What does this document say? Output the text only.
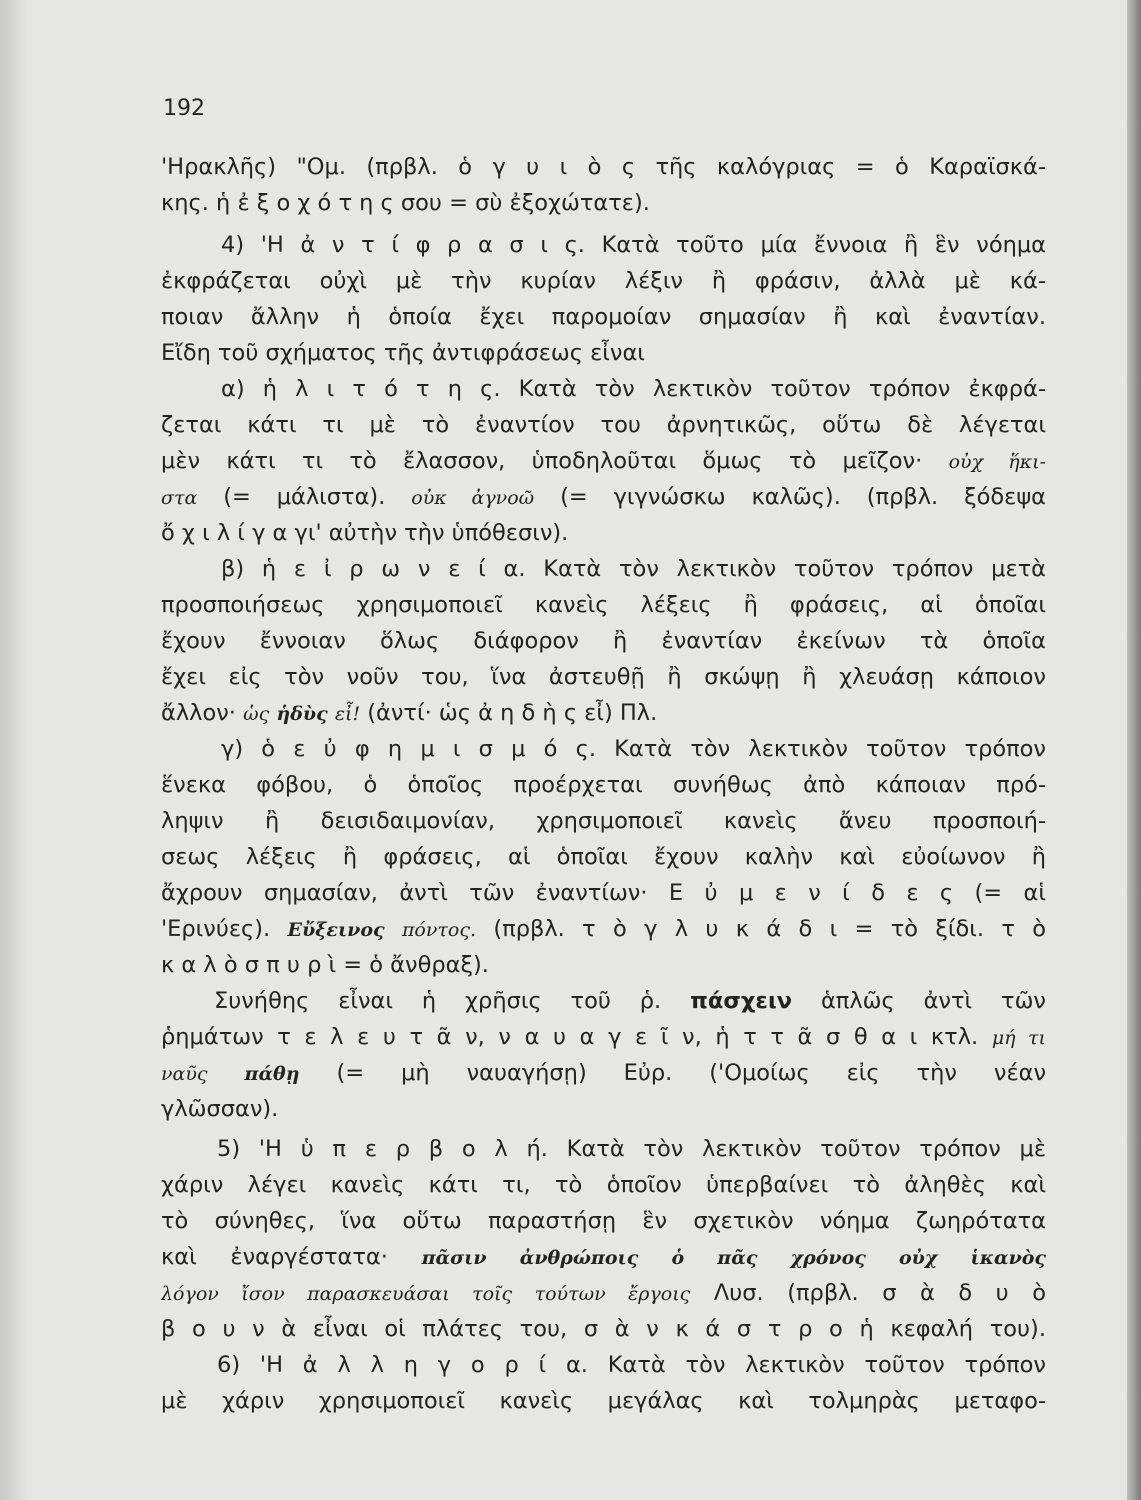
192
'Ηρακλῆς) "Ομ. (πρβλ. ὁ γ υ ι ὸ ς τῆς καλόγριας = ὁ Καραϊσκά-
κης. ἡ ἐ ξ ο χ ό τ η ς σου = σὺ ἐξοχώτατε).
4) 'Η ἀ ν τ ί φ ρ α σ ι ς. Κατὰ τοῦτο μία ἔννοια ἢ ἓν νόημα
ἐκφράζεται οὐχὶ μὲ τὴν κυρίαν λέξιν ἢ φράσιν, ἀλλὰ μὲ κά-
ποιαν ἄλλην ἡ ὁποία ἔχει παρομοίαν σημασίαν ἢ καὶ ἐναντίαν.
Εἴδη τοῦ σχήματος τῆς ἀντιφράσεως εἶναι
α) ἡ λ ι τ ό τ η ς. Κατὰ τὸν λεκτικὸν τοῦτον τρόπον ἐκφρά-
ζεται κάτι τι μὲ τὸ ἐναντίον του ἀρνητικῶς, οὕτω δὲ λέγεται
μὲν κάτι τι τὸ ἔλασσον, ὑποδηλοῦται ὅμως τὸ μεῖζον· οὐχ ἥκι-
στα (= μάλιστα). οὐκ ἀγνοῶ (= γιγνώσκω καλῶς). (πρβλ. ξόδεψα
ὄ χ ι λ ί γ α γι' αὐτὴν τὴν ὑπόθεσιν).
β) ἡ ε ἰ ρ ω ν ε ί α. Κατὰ τὸν λεκτικὸν τοῦτον τρόπον μετὰ
προσποιήσεως χρησιμοποιεῖ κανεὶς λέξεις ἢ φράσεις, αἱ ὁποῖαι
ἔχουν ἔννοιαν ὅλως διάφορον ἢ ἐναντίαν ἐκείνων τὰ ὁποῖα
ἔχει εἰς τὸν νοῦν του, ἵνα ἀστευθῇ ἢ σκώψῃ ἢ χλευάσῃ κάποιον
ἄλλον· ὡς ἡδὺς εἶ! (ἀντί· ὡς ἀ η δ ὴ ς εἶ) Πλ.
γ) ὁ ε ὐ φ η μ ι σ μ ό ς. Κατὰ τὸν λεκτικὸν τοῦτον τρόπον
ἕνεκα φόβου, ὁ ὁποῖος προέρχεται συνήθως ἀπὸ κάποιαν πρό-
ληψιν ἢ δεισιδαιμονίαν, χρησιμοποιεῖ κανεὶς ἄνευ προσποιή-
σεως λέξεις ἢ φράσεις, αἱ ὁποῖαι ἔχουν καλὴν καὶ εὐοίωνον ἢ
ἄχρουν σημασίαν, ἀντὶ τῶν ἐναντίων· Ε ὐ μ ε ν ί δ ε ς (= αἱ
'Ερινύες). Εὔξεινος πόντος. (πρβλ. τ ὸ γ λ υ κ ά δ ι = τὸ ξίδι. τ ὸ
κ α λ ὸ σ π υ ρ ὶ = ὁ ἄνθραξ).
Συνήθης εἶναι ἡ χρῆσις τοῦ ῥ. πάσχειν ἁπλῶς ἀντὶ τῶν
ῥημάτων τ ε λ ε υ τ ᾶ ν, ν α υ α γ ε ῖ ν, ἡ τ τ ᾶ σ θ α ι κτλ. μή τι
ναῦς πάθῃ (= μὴ ναυαγήσῃ) Εὐρ. ('Ομοίως εἰς τὴν νέαν
γλῶσσαν).
5) 'Η ὑ π ε ρ β ο λ ή. Κατὰ τὸν λεκτικὸν τοῦτον τρόπον μὲ
χάριν λέγει κανεὶς κάτι τι, τὸ ὁποῖον ὑπερβαίνει τὸ ἀληθὲς καὶ
τὸ σύνηθες, ἵνα οὕτω παραστήσῃ ἓν σχετικὸν νόημα ζωηρότατα
καὶ ἐναργέστατα· πᾶσιν ἀνθρώποις ὁ πᾶς χρόνος οὐχ ἱκανὸς
λόγον ἴσον παρασκευάσαι τοῖς τούτων ἔργοις Λυσ. (πρβλ. σ ὰ δ υ ὸ
β ο υ ν ὰ εἶναι οἱ πλάτες του, σ ὰ ν κ ά σ τ ρ ο ἡ κεφαλή του).
6) 'Η ἀ λ λ η γ ο ρ ί α. Κατὰ τὸν λεκτικὸν τοῦτον τρόπον
μὲ χάριν χρησιμοποιεῖ κανεὶς μεγάλας καὶ τολμηρὰς μεταφο-
